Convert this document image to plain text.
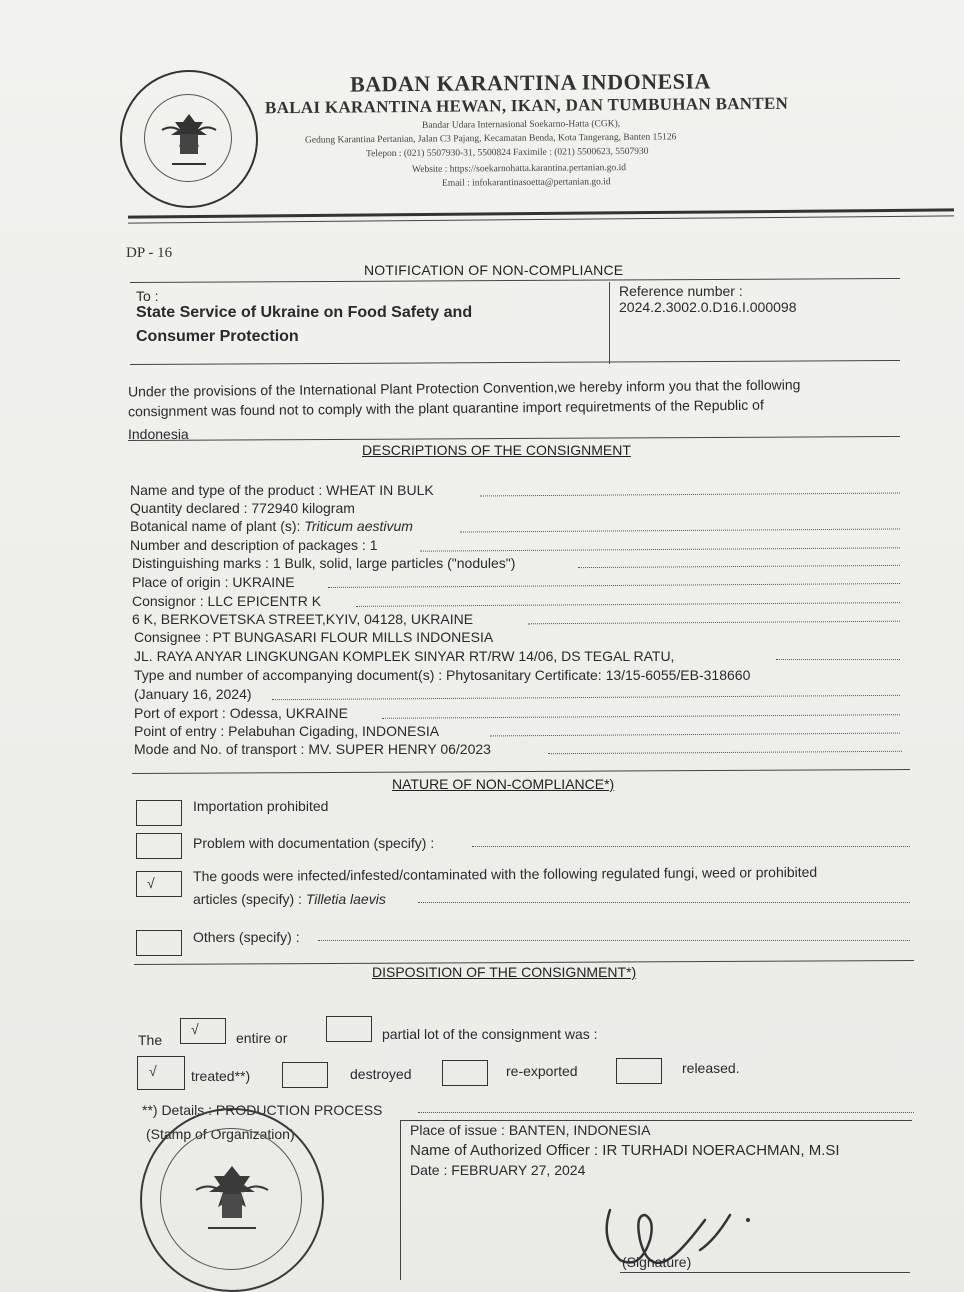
BADAN KARANTINA INDONESIA
BALAI KARANTINA HEWAN, IKAN, DAN TUMBUHAN BANTEN
Bandar Udara Internasional Soekarno-Hatta (CGK),
Gedung Karantina Pertanian, Jalan C3 Pajang, Kecamatan Benda, Kota Tangerang, Banten 15126
Telepon : (021) 5507930-31, 5500824 Faximile : (021) 5500623, 5507930
Website : https://soekarnohatta.karantina.pertanian.go.id
Email : infokarantinasoetta@pertanian.go.id
DP - 16
NOTIFICATION OF NON-COMPLIANCE
To :
State Service of Ukraine on Food Safety and
Consumer Protection
Reference number :
2024.2.3002.0.D16.I.000098
Under the provisions of the International Plant Protection Convention,we hereby inform you that the following
consignment was found not to comply with the plant quarantine import requiretments of the Republic of
Indonesia
DESCRIPTIONS OF THE CONSIGNMENT
Name and type of the product : WHEAT IN BULK
Quantity declared : 772940 kilogram
Botanical name of plant (s): Triticum aestivum
Number and description of packages : 1
Distinguishing marks : 1 Bulk, solid, large particles ("nodules")
Place of origin : UKRAINE
Consignor : LLC EPICENTR K
6 K, BERKOVETSKA STREET,KYIV, 04128, UKRAINE
Consignee : PT BUNGASARI FLOUR MILLS INDONESIA
JL. RAYA ANYAR LINGKUNGAN KOMPLEK SINYAR RT/RW 14/06, DS TEGAL RATU,
Type and number of accompanying document(s) : Phytosanitary Certificate: 13/15-6055/EB-318660
(January 16, 2024)
Port of export : Odessa, UKRAINE
Point of entry : Pelabuhan Cigading, INDONESIA
Mode and No. of transport : MV. SUPER HENRY 06/2023
NATURE OF NON-COMPLIANCE*)
Importation prohibited
Problem with documentation (specify) :
√	The goods were infected/infested/contaminated with the following regulated fungi, weed or prohibited
articles (specify) : Tilletia laevis
Others (specify) :
DISPOSITION OF THE CONSIGNMENT*)
The
√
entire or	partial lot of the consignment was :
√ treated**)	destroyed	re-exported	released.
**) Details : PRODUCTION PROCESS
(Stamp of Organization)	Place of issue : BANTEN, INDONESIA
Name of Authorized Officer : IR TURHADI NOERACHMAN, M.SI
Date : FEBRUARY 27, 2024
(Signature)
